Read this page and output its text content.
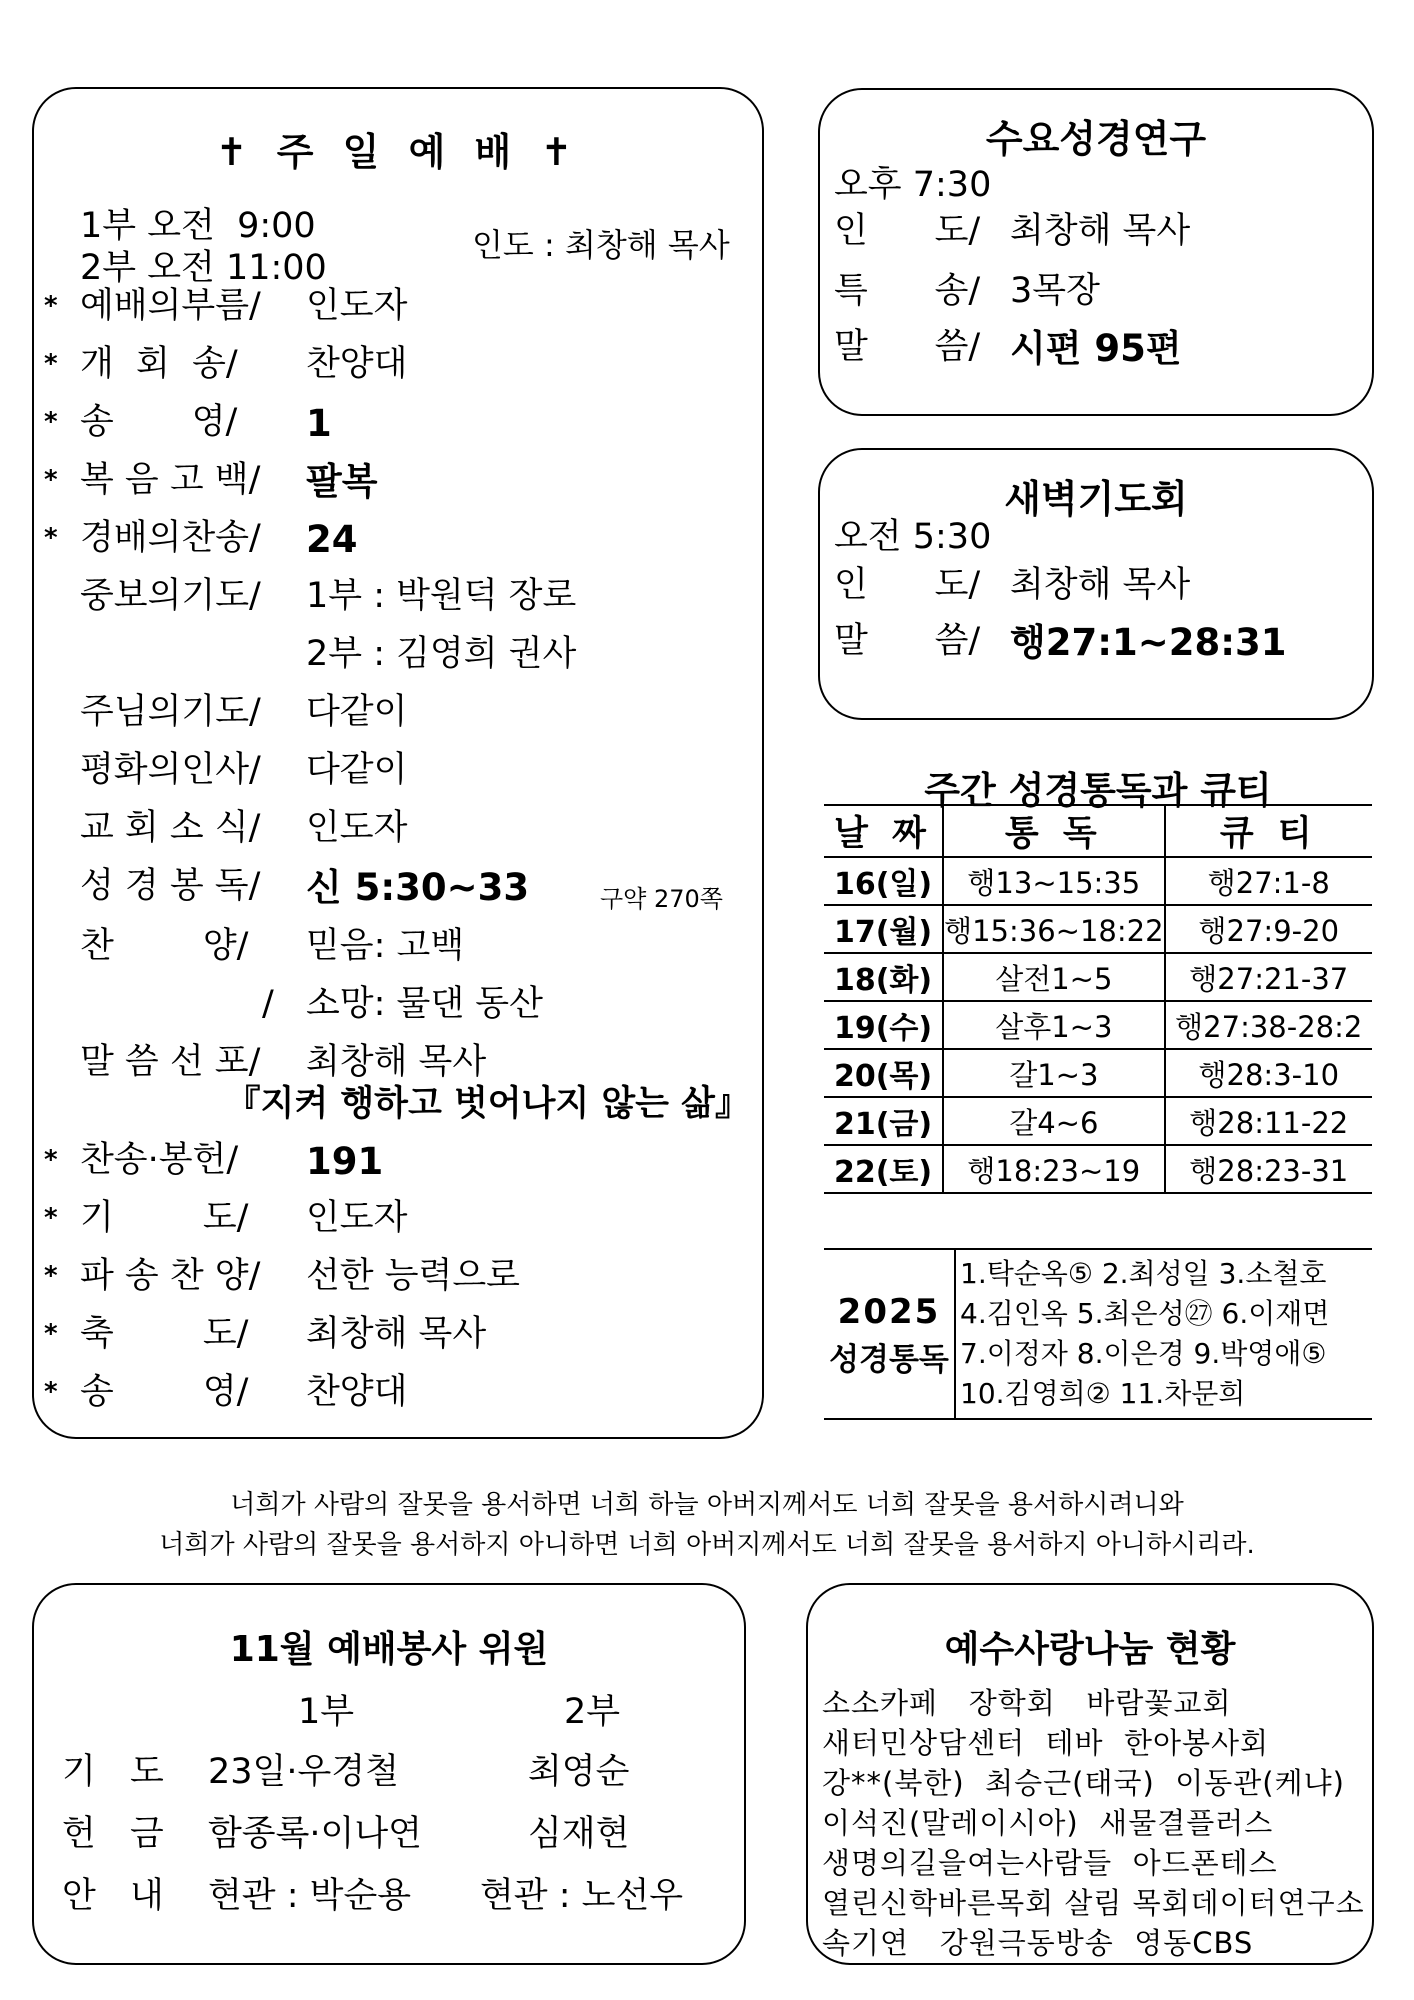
✝ 주 일 예 배 ✝
1부 오전  9:00
2부 오전 11:00
인도 : 최창해 목사
* 예배의부름/ 인도자
* 개  회  송/ 찬양대
* 송       영/ 1
* 복 음 고 백/ 팔복
* 경배의찬송/ 24
중보의기도/ 1부 : 박원덕 장로
2부 : 김영희 권사
주님의기도/ 다같이
평화의인사/ 다같이
교 회 소 식/ 인도자
성 경 봉 독/ 신 5:30~33	구약 270쪽
찬        양/ 믿음: 고백
/ 소망: 물댄 동산
말 씀 선 포/ 최창해 목사
『지켜 행하고 벗어나지 않는 삶』
* 찬송·봉헌/ 191
* 기        도/ 인도자
* 파 송 찬 양/ 선한 능력으로
* 축        도/ 최창해 목사
* 송        영/ 찬양대
수요성경연구
오후 7:30
인      도/ 최창해 목사
특      송/ 3목장
말      씀/ 시편 95편
새벽기도회
오전 5:30
인      도/ 최창해 목사
말      씀/ 행27:1~28:31
주간 성경통독과 큐티
날 짜	통 독	큐 티
16(일)	행13~15:35	행27:1-8
17(월)	행15:36~18:22	행27:9-20
18(화)	살전1~5	행27:21-37
19(수)	살후1~3	행27:38-28:2
20(목)	갈1~3	행28:3-10
21(금)	갈4~6	행28:11-22
22(토)	행18:23~19	행28:23-31
2025
성경통독
1.탁순옥⑤ 2.최성일 3.소철호
4.김인옥 5.최은성㉗ 6.이재면
7.이정자 8.이은경 9.박영애⑤
10.김영희② 11.차문희
너희가 사람의 잘못을 용서하면 너희 하늘 아버지께서도 너희 잘못을 용서하시려니와
너희가 사람의 잘못을 용서하지 아니하면 너희 아버지께서도 너희 잘못을 용서하지 아니하시리라.
11월 예배봉사 위원
1부	2부
기  도 23일·우경철	최영순
헌  금 함종록·이나연	심재현
안  내 현관 : 박순용 현관 : 노선우
예수사랑나눔 현황
소소카페   장학회   바람꽃교회
새터민상담센터  테바  한아봉사회
강**(북한)  최승근(태국)  이동관(케냐)
이석진(말레이시아)  새물결플러스
생명의길을여는사람들  아드폰테스
열린신학바른목회 살림 목회데이터연구소
속기연   강원극동방송  영동CBS
